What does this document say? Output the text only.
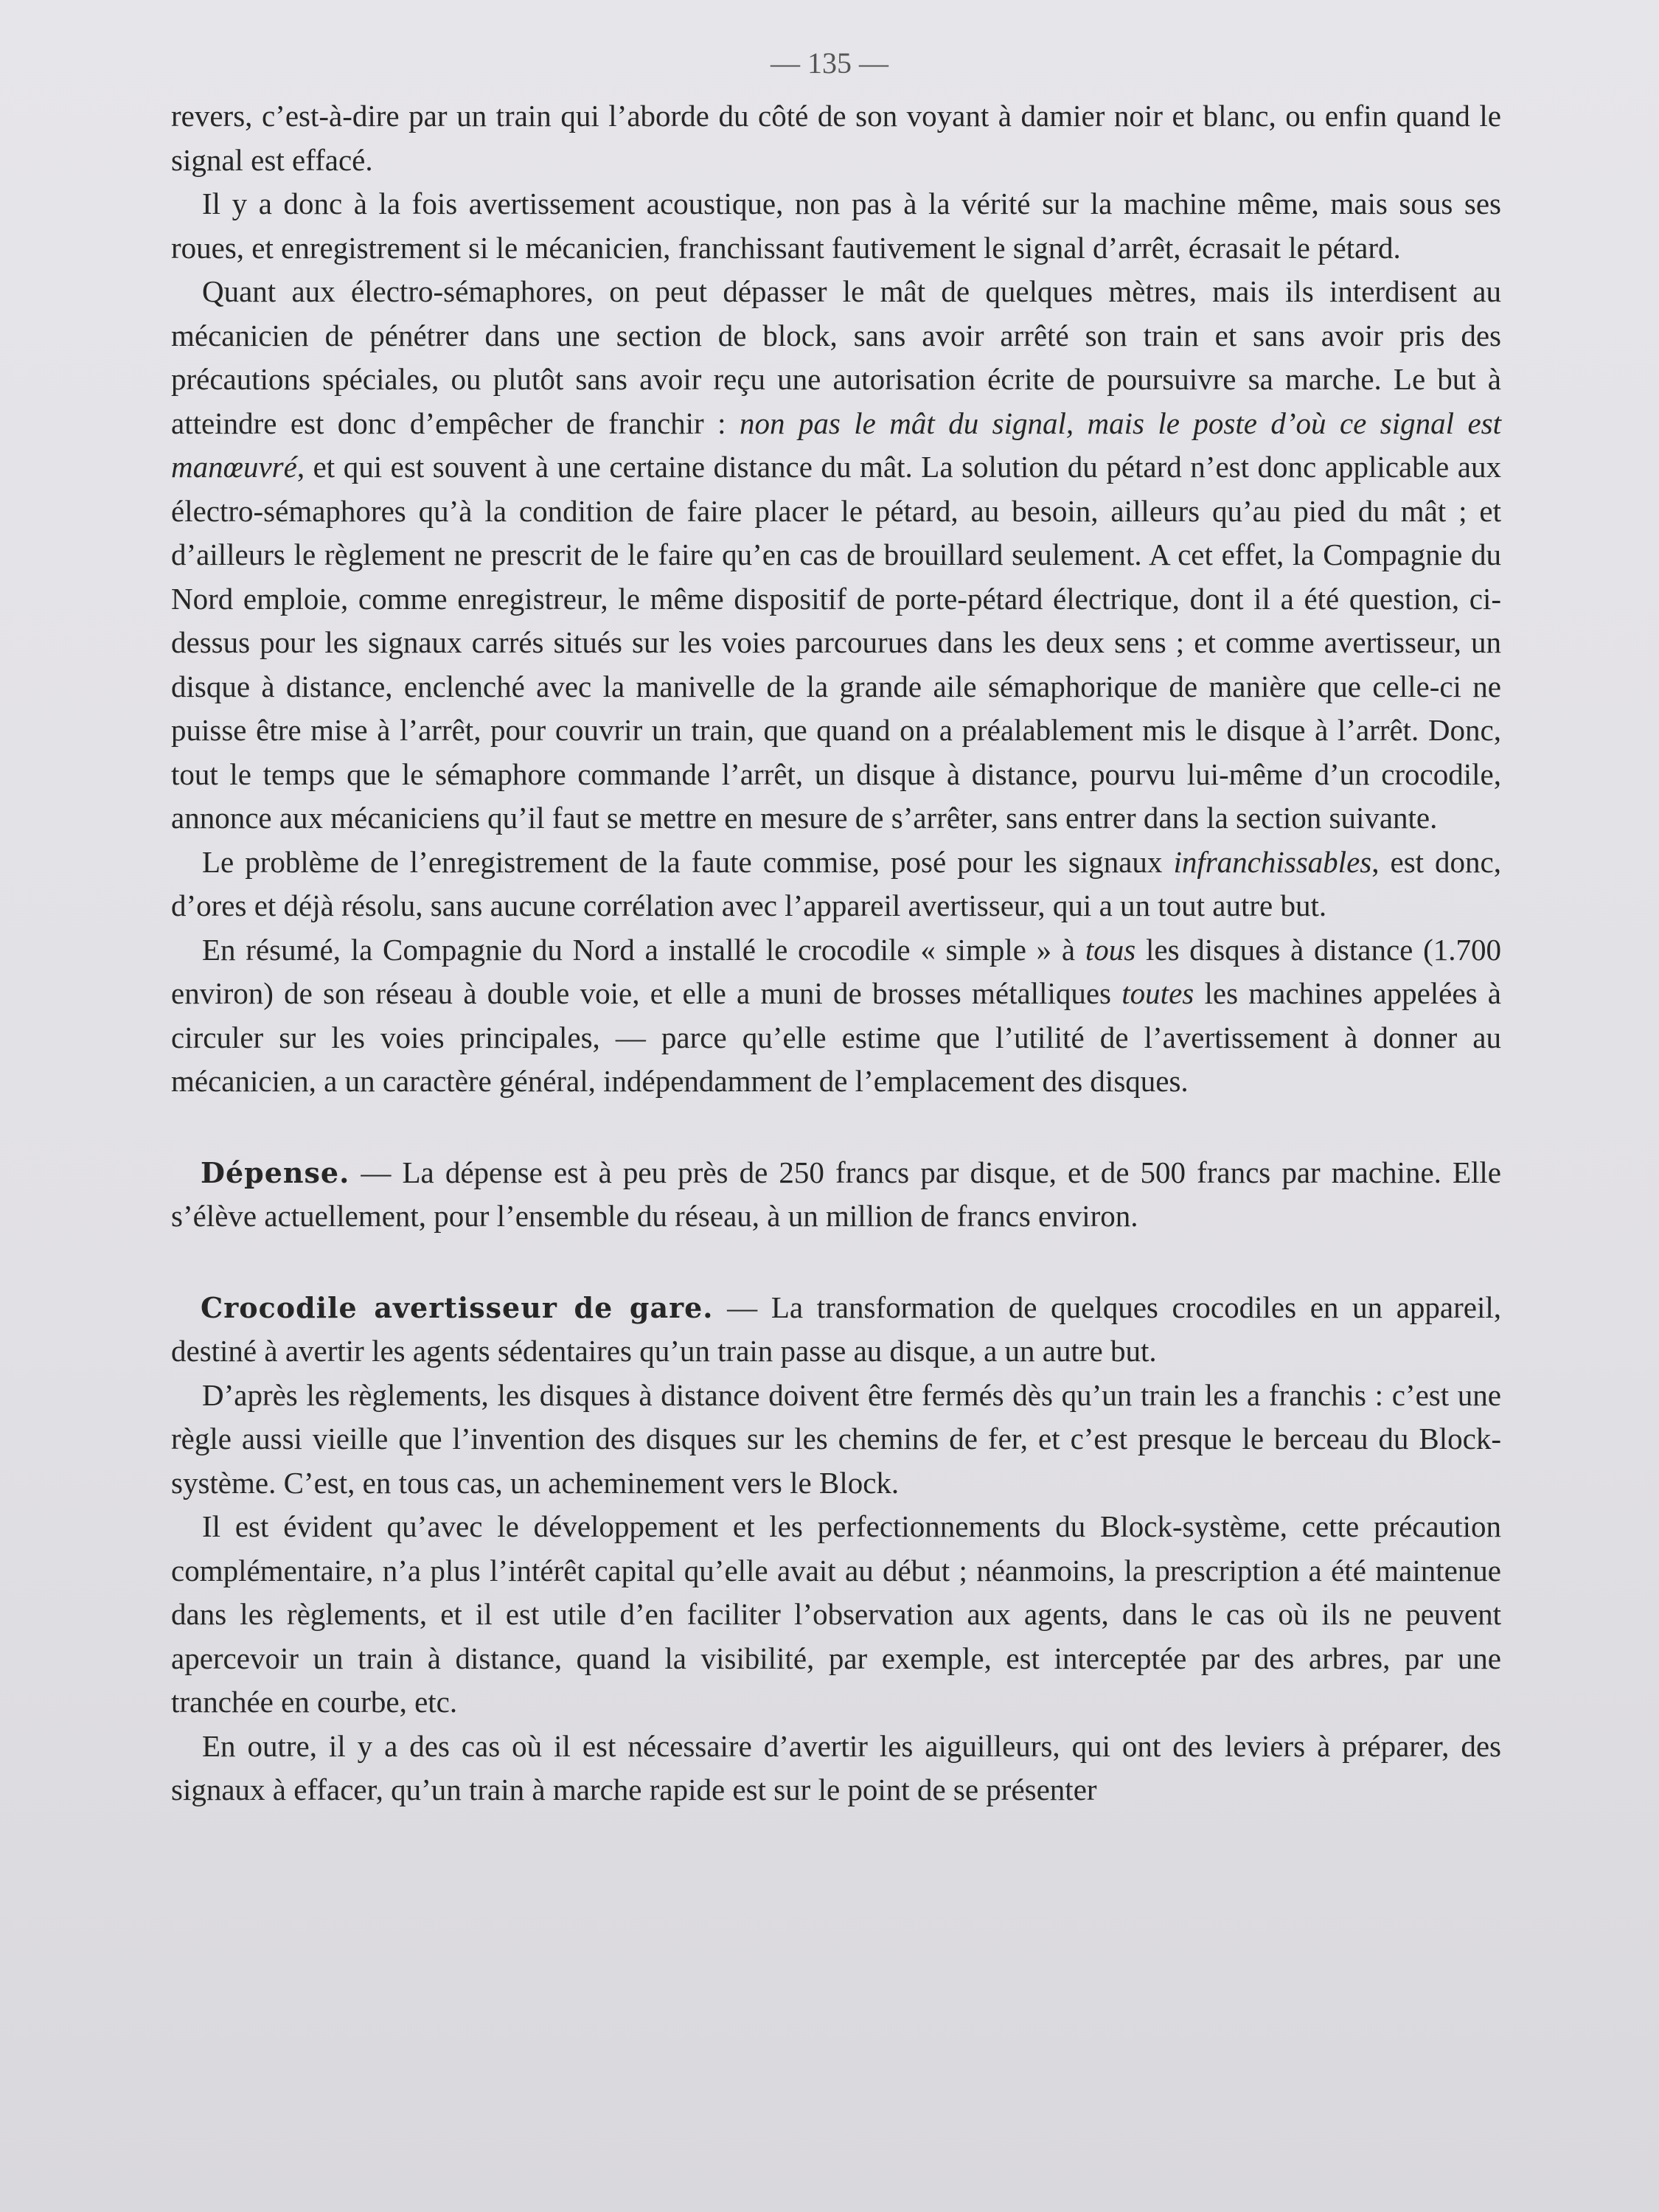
— 135 —

revers, c’est-à-dire par un train qui l’aborde du côté de son voyant à damier noir et blanc, ou enfin quand le signal est effacé.

Il y a donc à la fois avertissement acoustique, non pas à la vérité sur la machine même, mais sous ses roues, et enregistrement si le mécanicien, franchissant fautivement le signal d’arrêt, écrasait le pétard.

Quant aux électro-sémaphores, on peut dépasser le mât de quelques mètres, mais ils interdisent au mécanicien de pénétrer dans une section de block, sans avoir arrêté son train et sans avoir pris des précautions spéciales, ou plutôt sans avoir reçu une autorisation écrite de poursuivre sa marche. Le but à atteindre est donc d’empêcher de franchir : non pas le mât du signal, mais le poste d’où ce signal est manœuvré, et qui est souvent à une certaine distance du mât. La solution du pétard n’est donc applicable aux électro-sémaphores qu’à la condition de faire placer le pétard, au besoin, ailleurs qu’au pied du mât ; et d’ailleurs le règlement ne prescrit de le faire qu’en cas de brouillard seulement. A cet effet, la Compagnie du Nord emploie, comme enregistreur, le même dispositif de porte-pétard électrique, dont il a été question, ci-dessus pour les signaux carrés situés sur les voies parcourues dans les deux sens ; et comme avertisseur, un disque à distance, enclenché avec la manivelle de la grande aile sémaphorique de manière que celle-ci ne puisse être mise à l’arrêt, pour couvrir un train, que quand on a préalablement mis le disque à l’arrêt. Donc, tout le temps que le sémaphore commande l’arrêt, un disque à distance, pourvu lui-même d’un crocodile, annonce aux mécaniciens qu’il faut se mettre en mesure de s’arrêter, sans entrer dans la section suivante.

Le problème de l’enregistrement de la faute commise, posé pour les signaux infranchissables, est donc, d’ores et déjà résolu, sans aucune corrélation avec l’appareil avertisseur, qui a un tout autre but.

En résumé, la Compagnie du Nord a installé le crocodile « simple » à tous les disques à distance (1.700 environ) de son réseau à double voie, et elle a muni de brosses métalliques toutes les machines appelées à circuler sur les voies principales, — parce qu’elle estime que l’utilité de l’avertissement à donner au mécanicien, a un caractère général, indépendamment de l’emplacement des disques.

Dépense. — La dépense est à peu près de 250 francs par disque, et de 500 francs par machine. Elle s’élève actuellement, pour l’ensemble du réseau, à un million de francs environ.

Crocodile avertisseur de gare. — La transformation de quelques crocodiles en un appareil, destiné à avertir les agents sédentaires qu’un train passe au disque, a un autre but.

D’après les règlements, les disques à distance doivent être fermés dès qu’un train les a franchis : c’est une règle aussi vieille que l’invention des disques sur les chemins de fer, et c’est presque le berceau du Block-système. C’est, en tous cas, un acheminement vers le Block.

Il est évident qu’avec le développement et les perfectionnements du Block-système, cette précaution complémentaire, n’a plus l’intérêt capital qu’elle avait au début ; néanmoins, la prescription a été maintenue dans les règlements, et il est utile d’en faciliter l’observation aux agents, dans le cas où ils ne peuvent apercevoir un train à distance, quand la visibilité, par exemple, est interceptée par des arbres, par une tranchée en courbe, etc.

En outre, il y a des cas où il est nécessaire d’avertir les aiguilleurs, qui ont des leviers à préparer, des signaux à effacer, qu’un train à marche rapide est sur le point de se présenter
